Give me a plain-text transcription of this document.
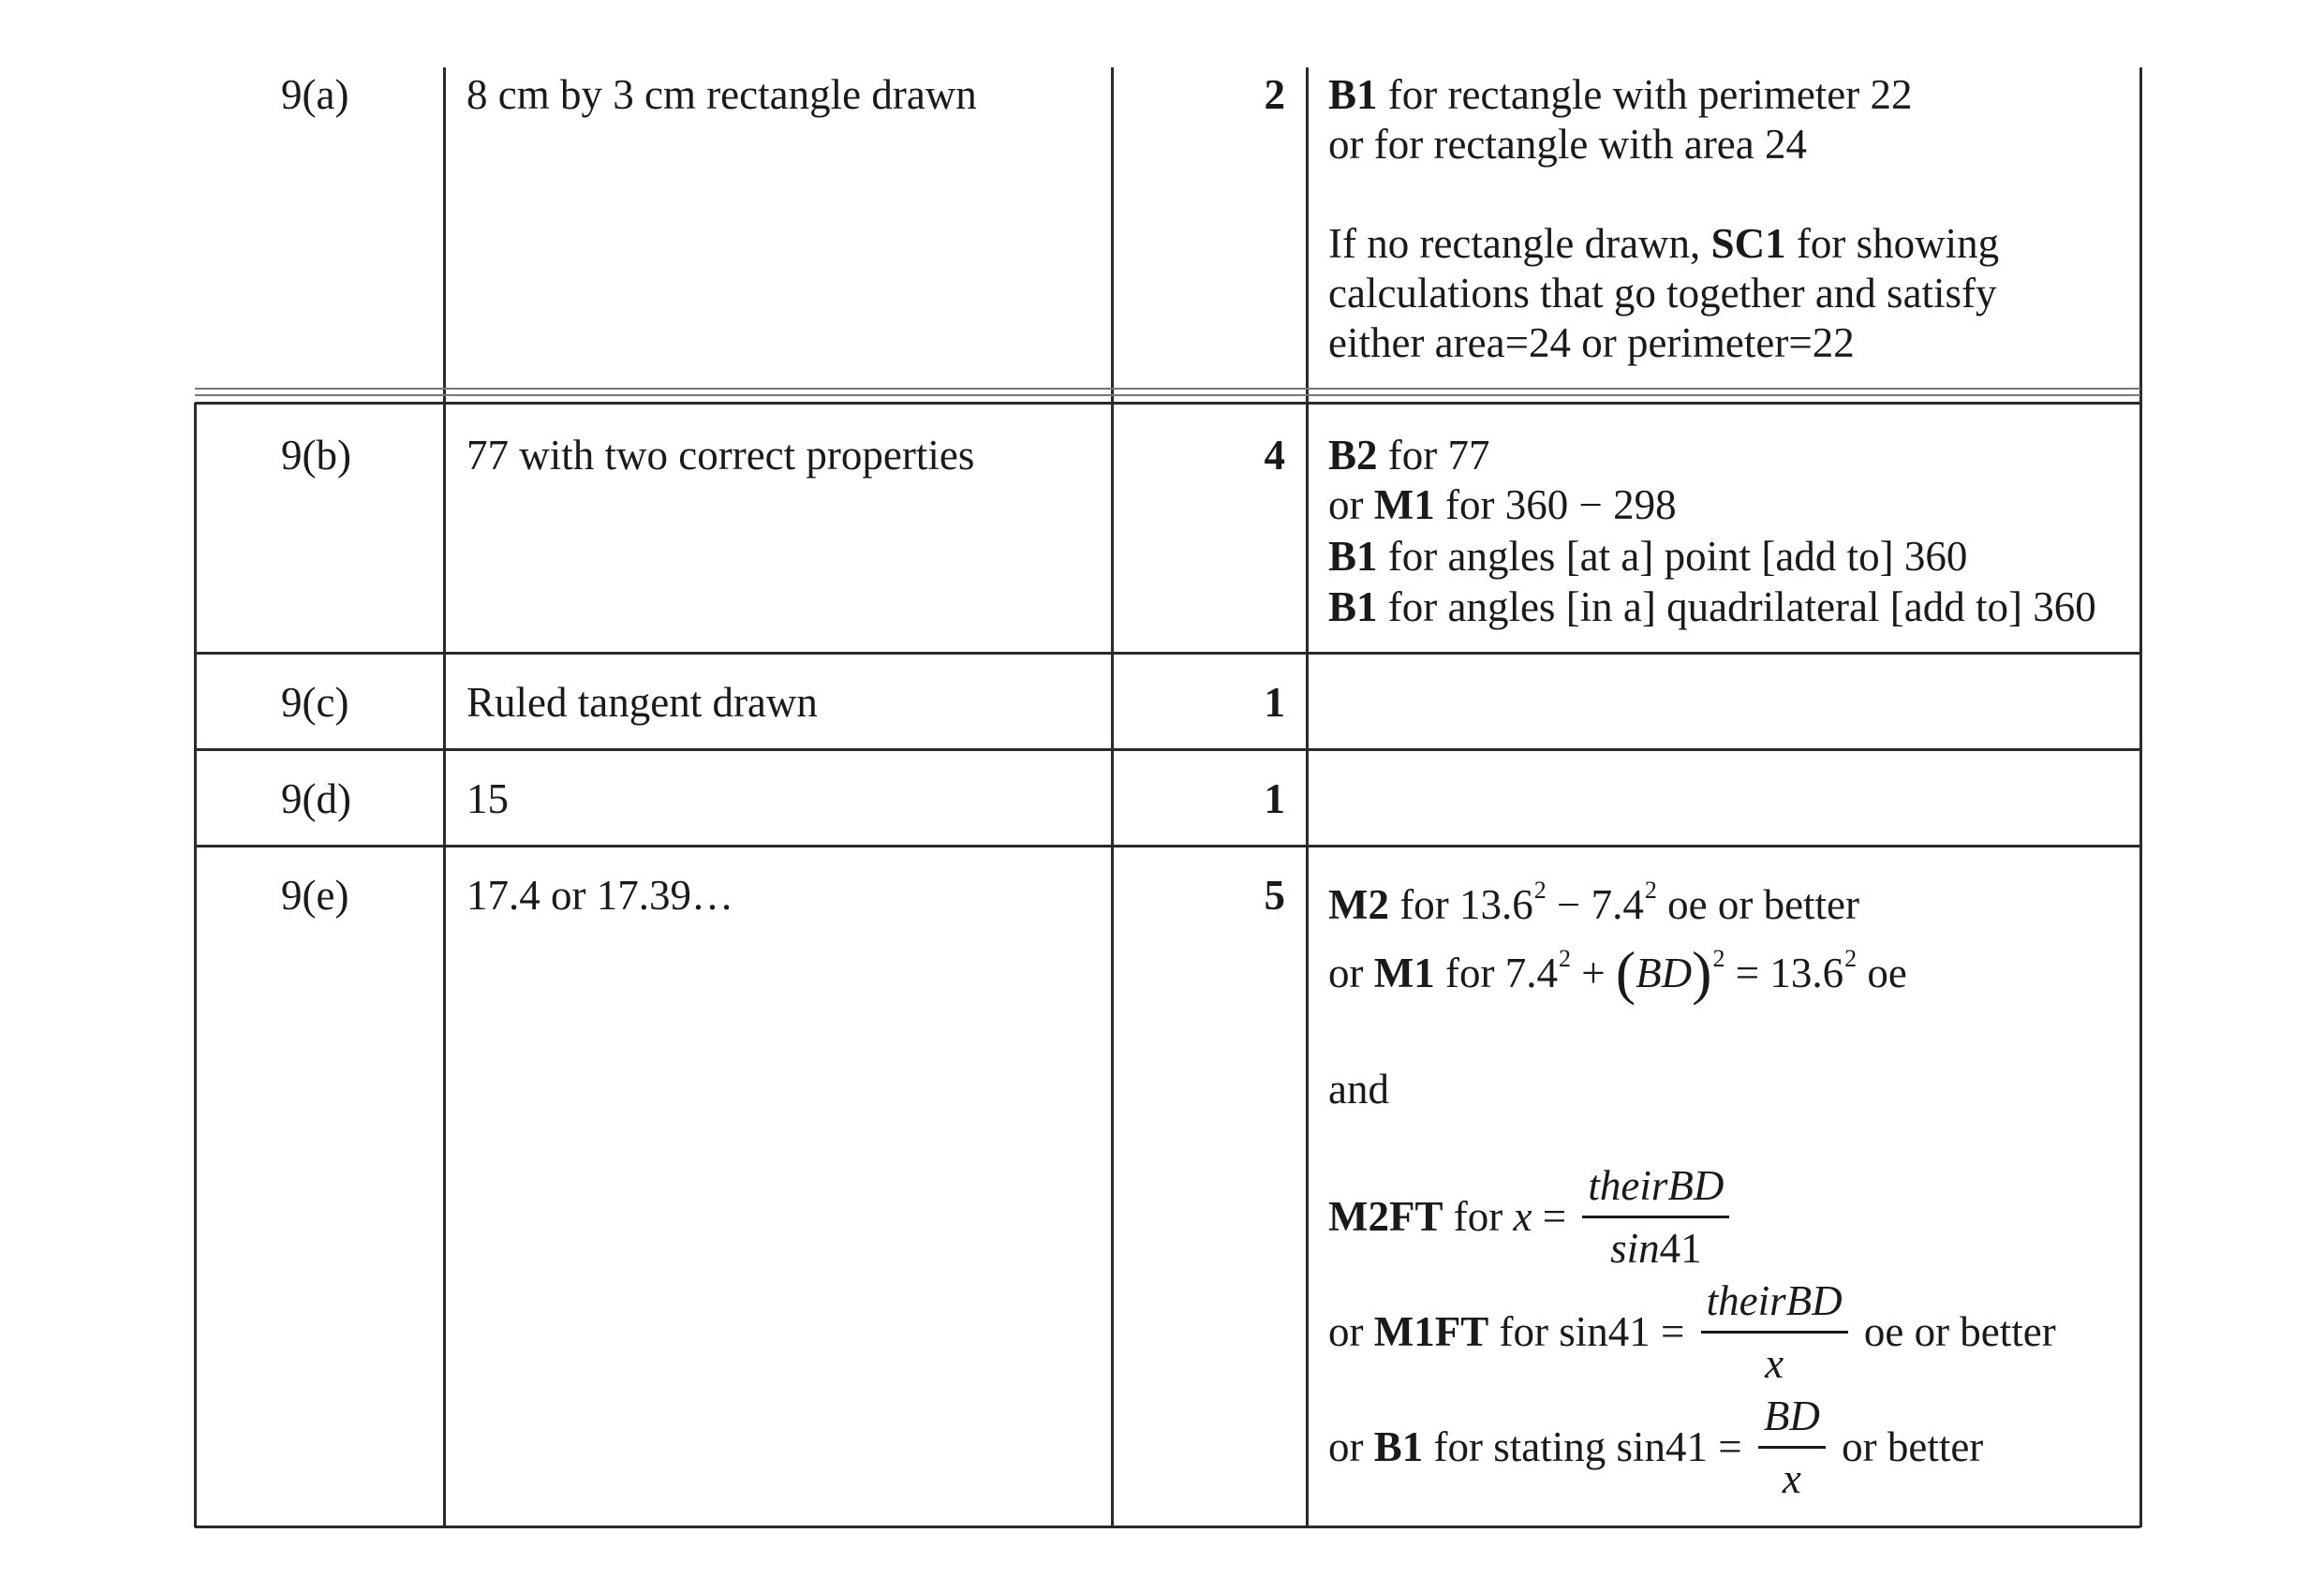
9(a)	8 cm by 3 cm rectangle drawn	2 B1 for rectangle with perimeter 22
or for rectangle with area 24
If no rectangle drawn, SC1 for showing
calculations that go together and satisfy
either area=24 or perimeter=22
9(b)	77 with two correct properties	4 B2 for 77
or M1 for 360 − 298
B1 for angles [at a] point [add to] 360
B1 for angles [in a] quadrilateral [add to] 360
9(c)	Ruled tangent drawn	1
9(d)	15	1
9(e)	17.4 or 17.39…	5 M2 for $13.6^2 - 7.4^2$ oe or better
or M1 for $7.4^2 + (BD)^2 = 13.6^2$ oe
and
M2FT for $x = \frac{\text{theirBD}}{\sin 41}$
or M1FT for $\sin 41 = \frac{\text{theirBD}}{x}$ oe or better
or B1 for stating $\sin 41 = \frac{BD}{x}$ or better
